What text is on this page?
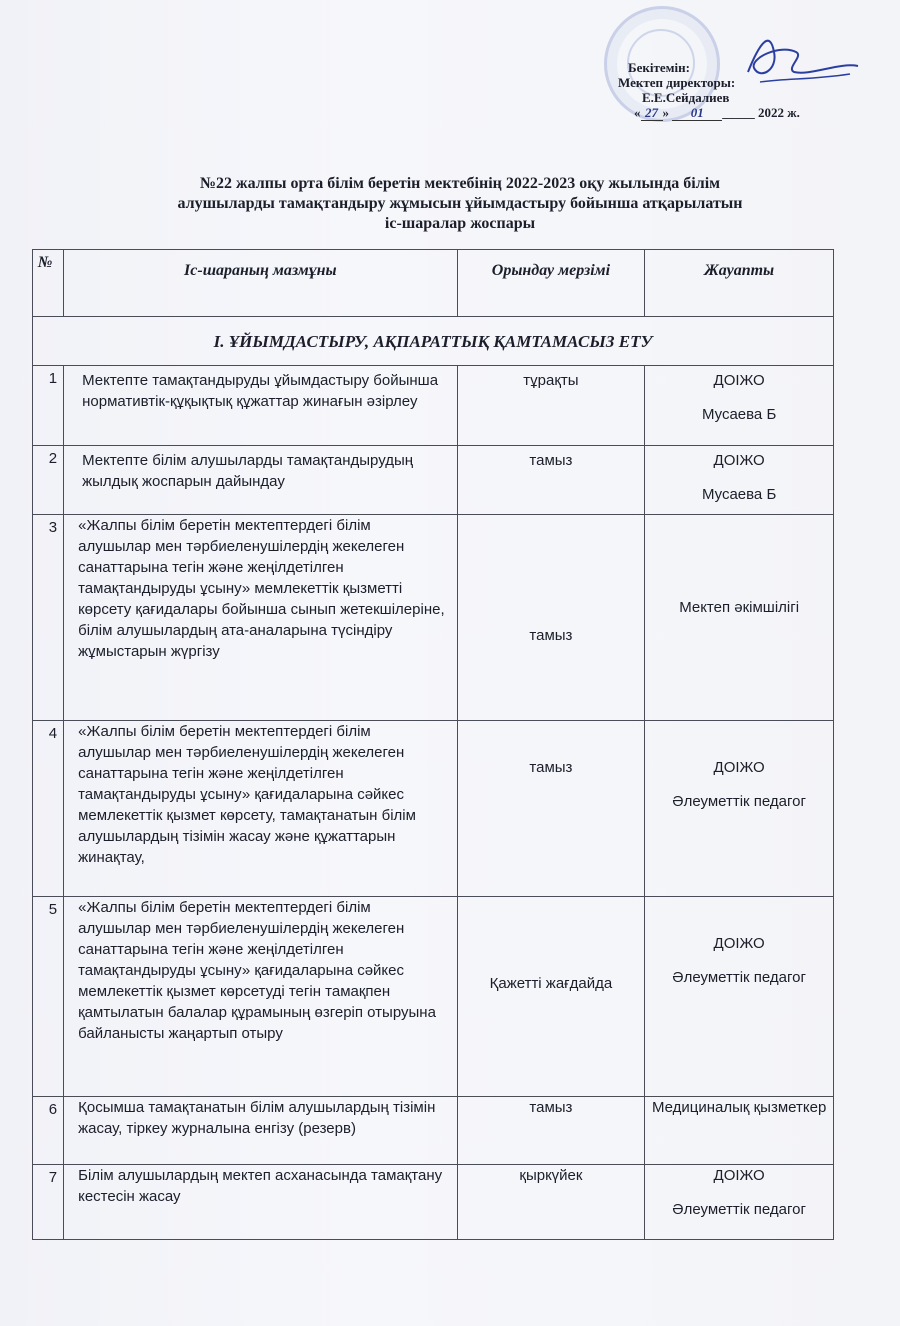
Бекітемін:
Мектеп директоры:
Е.Е.Сейдалиев
« 27 » 01 _____ 2022 ж.
№22 жалпы орта білім беретін мектебінің 2022-2023 оқу жылында білім
алушыларды тамақтандыру жұмысын ұйымдастыру бойынша атқарылатын
іс-шаралар жоспары
№	Іс-шараның мазмұны	Орындау мерзімі	Жауапты
І. ҰЙЫМДАСТЫРУ, АҚПАРАТТЫҚ ҚАМТАМАСЫЗ ЕТУ			
1	Мектепте тамақтандыруды ұйымдастыру бойынша нормативтік-құқықтық құжаттар жинағын әзірлеу	тұрақты	ДОІЖО
Мусаева Б

2	Мектепте білім алушыларды тамақтандырудың жылдық жоспарын дайындау	тамыз	ДОІЖО
Мусаева Б

3	«Жалпы білім беретін мектептердегі білім алушылар мен тәрбиеленушілердің жекелеген санаттарына тегін және жеңілдетілген тамақтандыруды ұсыну» мемлекеттік қызметті көрсету қағидалары бойынша сынып жетекшілеріне, білім алушылардың ата-аналарына түсіндіру жұмыстарын жүргізу	тамыз	Мектеп әкімшілігі

4	«Жалпы білім беретін мектептердегі білім алушылар мен тәрбиеленушілердің жекелеген санаттарына тегін және жеңілдетілген тамақтандыруды ұсыну» қағидаларына сәйкес мемлекеттік қызмет көрсету, тамақтанатын білім алушылардың тізімін жасау және құжаттарын жинақтау,	тамыз	ДОІЖО
Әлеуметтік педагог

5	«Жалпы білім беретін мектептердегі білім алушылар мен тәрбиеленушілердің жекелеген санаттарына тегін және жеңілдетілген тамақтандыруды ұсыну» қағидаларына сәйкес мемлекеттік қызмет көрсетуді тегін тамақпен қамтылатын балалар құрамының өзгеріп отыруына байланысты жаңартып отыру	Қажетті жағдайда	ДОІЖО
Әлеуметтік педагог

6	Қосымша тамақтанатын білім алушылардың тізімін жасау, тіркеу журналына енгізу (резерв)	тамыз	Медициналық қызметкер

7	Білім алушылардың мектеп асханасында тамақтану кестесін жасау	қыркүйек	ДОІЖО
Әлеуметтік педагог
